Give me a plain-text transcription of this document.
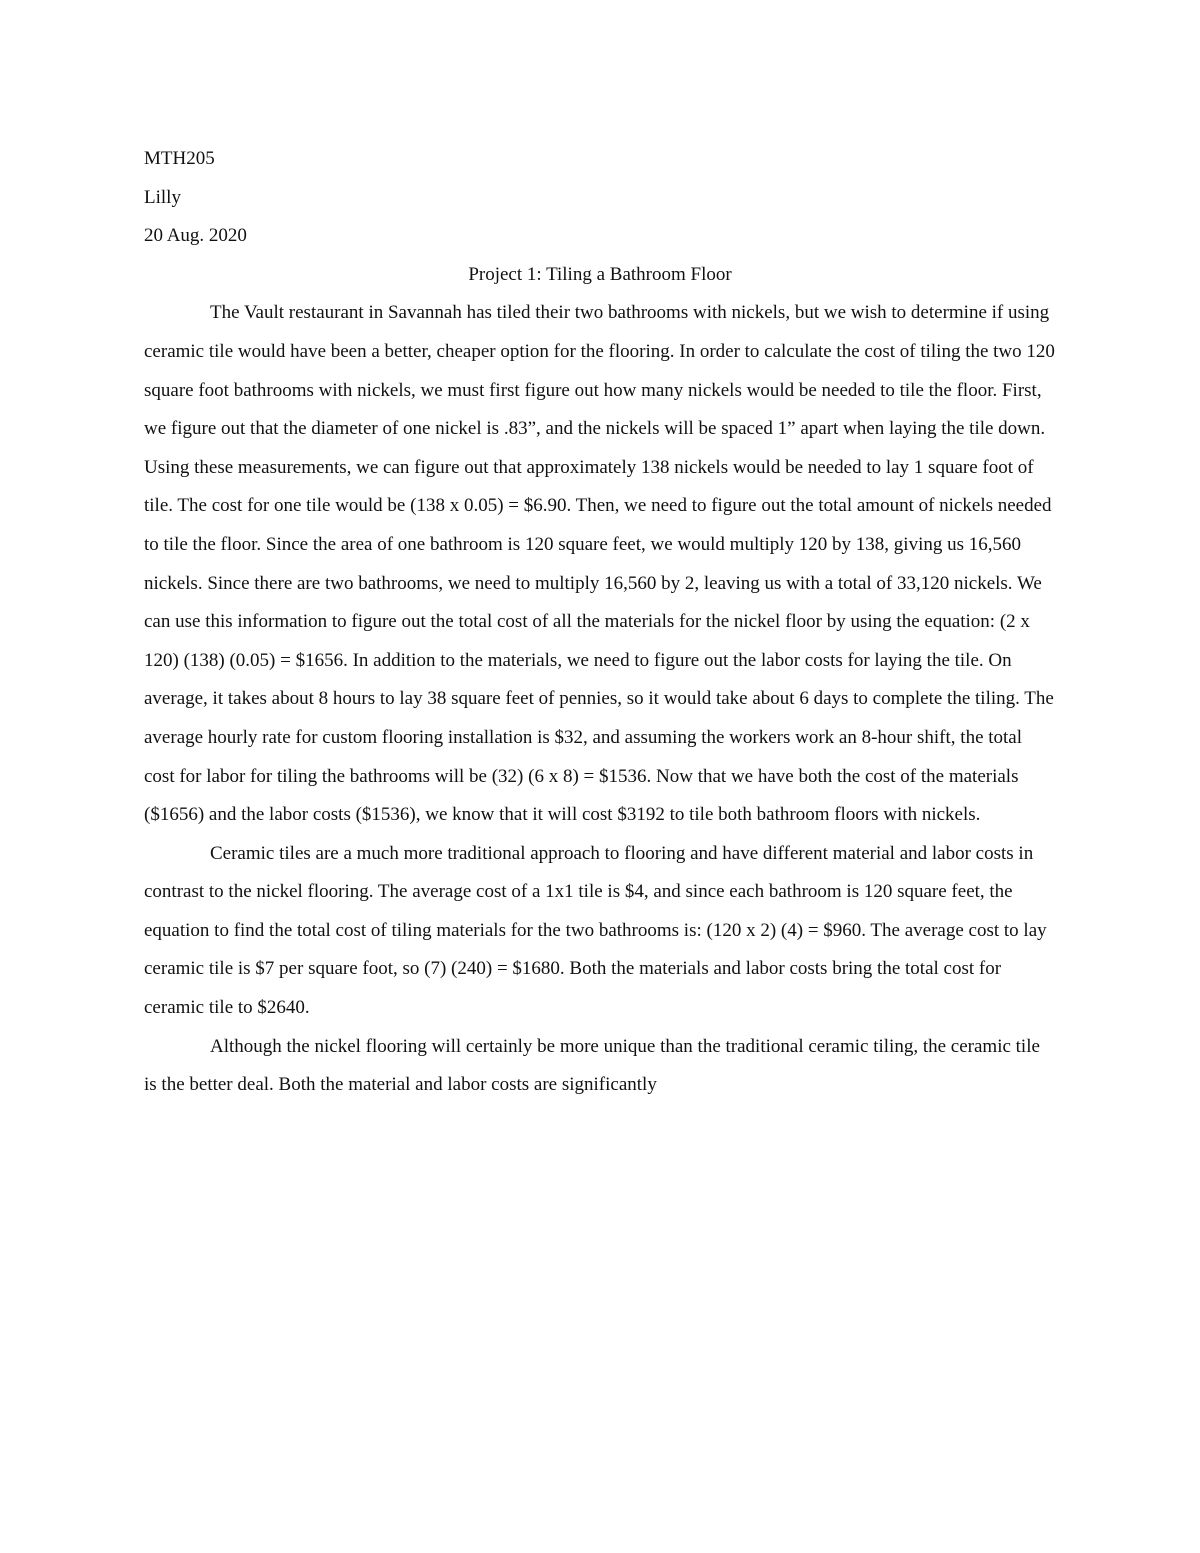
MTH205

Lilly

20 Aug. 2020

Project 1: Tiling a Bathroom Floor

The Vault restaurant in Savannah has tiled their two bathrooms with nickels, but we wish to determine if using ceramic tile would have been a better, cheaper option for the flooring. In order to calculate the cost of tiling the two 120 square foot bathrooms with nickels, we must first figure out how many nickels would be needed to tile the floor. First, we figure out that the diameter of one nickel is .83”, and the nickels will be spaced 1” apart when laying the tile down. Using these measurements, we can figure out that approximately 138 nickels would be needed to lay 1 square foot of tile. The cost for one tile would be (138 x 0.05) = $6.90. Then, we need to figure out the total amount of nickels needed to tile the floor. Since the area of one bathroom is 120 square feet, we would multiply 120 by 138, giving us 16,560 nickels. Since there are two bathrooms, we need to multiply 16,560 by 2, leaving us with a total of 33,120 nickels. We can use this information to figure out the total cost of all the materials for the nickel floor by using the equation: (2 x 120) (138) (0.05) = $1656. In addition to the materials, we need to figure out the labor costs for laying the tile. On average, it takes about 8 hours to lay 38 square feet of pennies, so it would take about 6 days to complete the tiling. The average hourly rate for custom flooring installation is $32, and assuming the workers work an 8-hour shift, the total cost for labor for tiling the bathrooms will be (32) (6 x 8) = $1536. Now that we have both the cost of the materials ($1656) and the labor costs ($1536), we know that it will cost $3192 to tile both bathroom floors with nickels.

Ceramic tiles are a much more traditional approach to flooring and have different material and labor costs in contrast to the nickel flooring. The average cost of a 1x1 tile is $4, and since each bathroom is 120 square feet, the equation to find the total cost of tiling materials for the two bathrooms is: (120 x 2) (4) = $960. The average cost to lay ceramic tile is $7 per square foot, so (7) (240) = $1680. Both the materials and labor costs bring the total cost for ceramic tile to $2640.

Although the nickel flooring will certainly be more unique than the traditional ceramic tiling, the ceramic tile is the better deal. Both the material and labor costs are significantly
